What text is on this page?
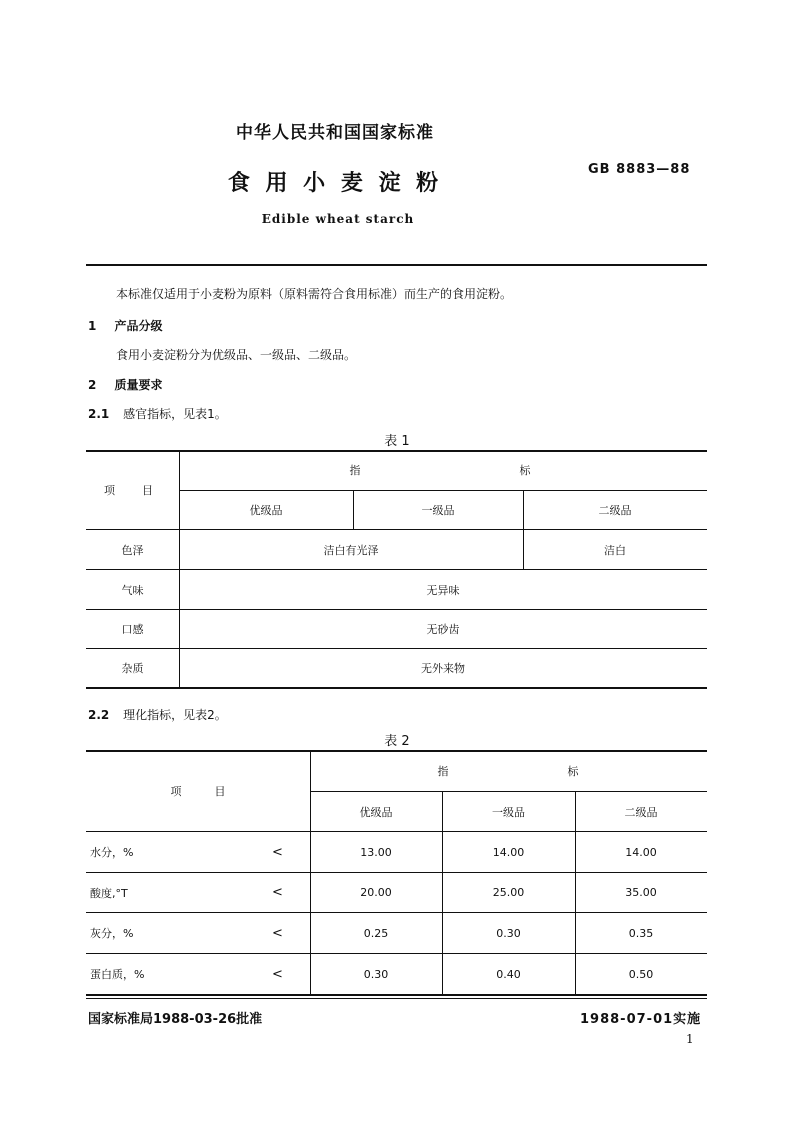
中华人民共和国国家标准
食 用 小 麦 淀 粉
GB 8883—88
Edible wheat starch
本标准仅适用于小麦粉为原料（原料需符合食用标准）而生产的食用淀粉。
1 产品分级
食用小麦淀粉分为优级品、一级品、二级品。
2 质量要求
2.1 感官指标，见表1。
表 1
项　目
指	标
优级品	一级品	二级品
色泽	洁白有光泽	洁白
气味	无异味
口感	无砂齿
杂质	无外来物
2.2 理化指标，见表2。
表 2
项　　　目
指	标
优级品	一级品	二级品
水分，%	<	13.00	14.00	14.00
酸度,°T	<	20.00	25.00	35.00
灰分，%	<	0.25	0.30	0.35
蛋白质，%	<	0.30	0.40	0.50
国家标准局1988-03-26批准	1988-07-01实施
1
